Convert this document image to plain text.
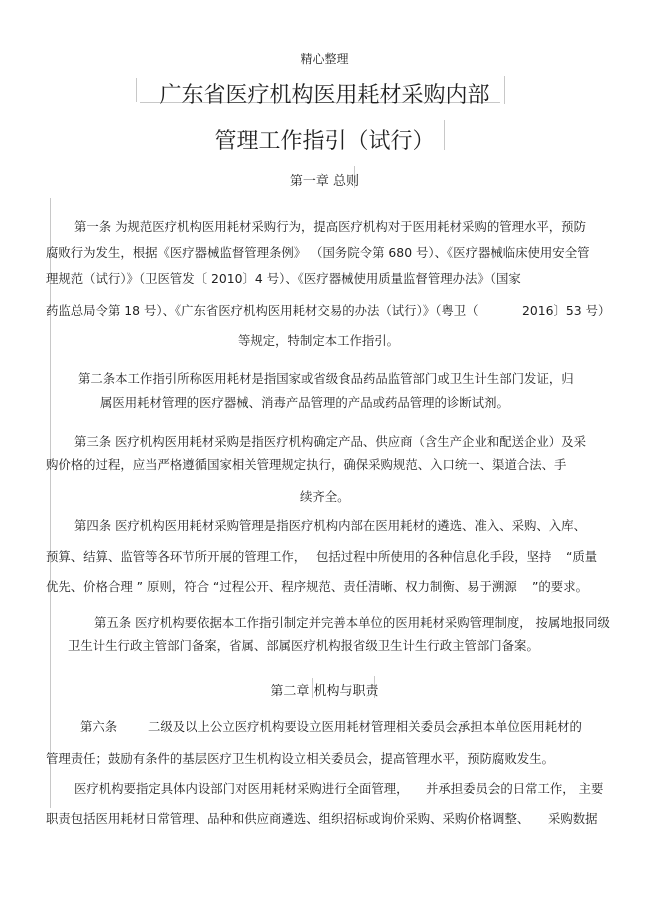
精心整理

广东省医疗机构医用耗材采购内部

管理工作指引（试行）

第一章 总则

第一条 为规范医疗机构医用耗材采购行为，提高医疗机构对于医用耗材采购的管理水平，预防

腐败行为发生，根据《医疗器械监督管理条例》 （国务院令第 680 号）、《医疗器械临床使用安全管

理规范（试行）》（卫医管发〔 2010〕4 号）、《医疗器械使用质量监督管理办法》（国家

药监总局令第 18 号）、《广东省医疗机构医用耗材交易的办法（试行）》（粤卫（	2016〕53 号）

等规定，特制定本工作指引。

第二条本工作指引所称医用耗材是指国家或省级食品药品监管部门或卫生计生部门发证，归

属医用耗材管理的医疗器械、消毒产品管理的产品或药品管理的诊断试剂。

第三条 医疗机构医用耗材采购是指医疗机构确定产品、供应商（含生产企业和配送企业）及采

购价格的过程，应当严格遵循国家相关管理规定执行，确保采购规范、入口统一、渠道合法、手

续齐全。

第四条 医疗机构医用耗材采购管理是指医疗机构内部在医用耗材的遴选、准入、采购、入库、

预算、结算、监管等各环节所开展的管理工作， 包括过程中所使用的各种信息化手段，坚持 “质量

优先、价格合理 ” 原则，符合 “过程公开、程序规范、责任清晰、权力制衡、易于溯源 ”的要求。

第五条 医疗机构要依据本工作指引制定并完善本单位的医用耗材采购管理制度， 按属地报同级

卫生计生行政主管部门备案，省属、部属医疗机构报省级卫生计生行政主管部门备案。

第二章 机构与职责

第六条 二级及以上公立医疗机构要设立医用耗材管理相关委员会，

承担本单位医用耗材的

管理责任；鼓励有条件的基层医疗卫生机构设立相关委员会，提高管理水平，预防腐败发生。

医疗机构要指定具体内设部门对医用耗材采购进行全面管理， 并承担委员会的日常工作， 主要

职责包括医用耗材日常管理、品种和供应商遴选、组织招标或询价采购、采购价格调整、 采购数据
